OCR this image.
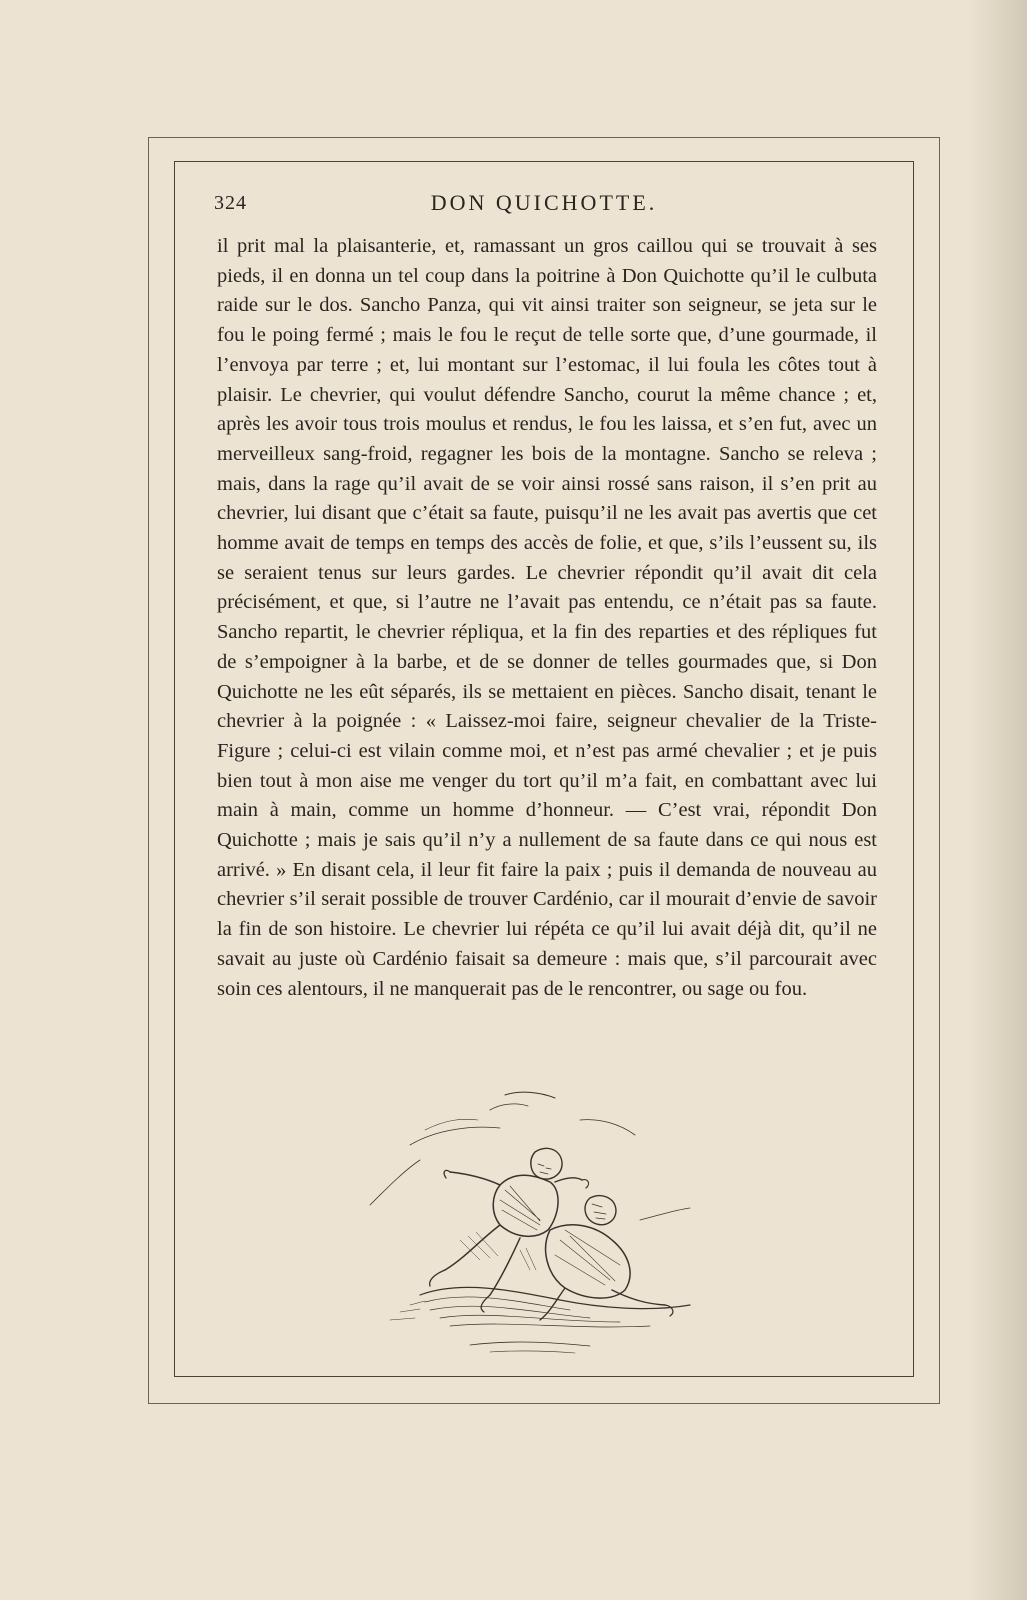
324	DON QUICHOTTE.

il prit mal la plaisanterie, et, ramassant un gros caillou qui se trouvait à ses pieds, il en donna un tel coup dans la poitrine à Don Quichotte qu’il le culbuta raide sur le dos. Sancho Panza, qui vit ainsi traiter son seigneur, se jeta sur le fou le poing fermé ; mais le fou le reçut de telle sorte que, d’une gourmade, il l’envoya par terre ; et, lui montant sur l’estomac, il lui foula les côtes tout à plaisir. Le chevrier, qui voulut défendre Sancho, courut la même chance ; et, après les avoir tous trois moulus et rendus, le fou les laissa, et s’en fut, avec un merveilleux sang-froid, regagner les bois de la montagne. Sancho se releva ; mais, dans la rage qu’il avait de se voir ainsi rossé sans raison, il s’en prit au chevrier, lui disant que c’était sa faute, puisqu’il ne les avait pas avertis que cet homme avait de temps en temps des accès de folie, et que, s’ils l’eussent su, ils se seraient tenus sur leurs gardes. Le chevrier répondit qu’il avait dit cela précisément, et que, si l’autre ne l’avait pas entendu, ce n’était pas sa faute. Sancho repartit, le chevrier répliqua, et la fin des reparties et des répliques fut de s’empoigner à la barbe, et de se donner de telles gourmades que, si Don Quichotte ne les eût séparés, ils se mettaient en pièces. Sancho disait, tenant le chevrier à la poignée : « Laissez-moi faire, seigneur chevalier de la Triste-Figure ; celui-ci est vilain comme moi, et n’est pas armé chevalier ; et je puis bien tout à mon aise me venger du tort qu’il m’a fait, en combattant avec lui main à main, comme un homme d’honneur. — C’est vrai, répondit Don Quichotte ; mais je sais qu’il n’y a nullement de sa faute dans ce qui nous est arrivé. » En disant cela, il leur fit faire la paix ; puis il demanda de nouveau au chevrier s’il serait possible de trouver Cardénio, car il mourait d’envie de savoir la fin de son histoire. Le chevrier lui répéta ce qu’il lui avait déjà dit, qu’il ne savait au juste où Cardénio faisait sa demeure : mais que, s’il parcourait avec soin ces alentours, il ne manquerait pas de le rencontrer, ou sage ou fou.
